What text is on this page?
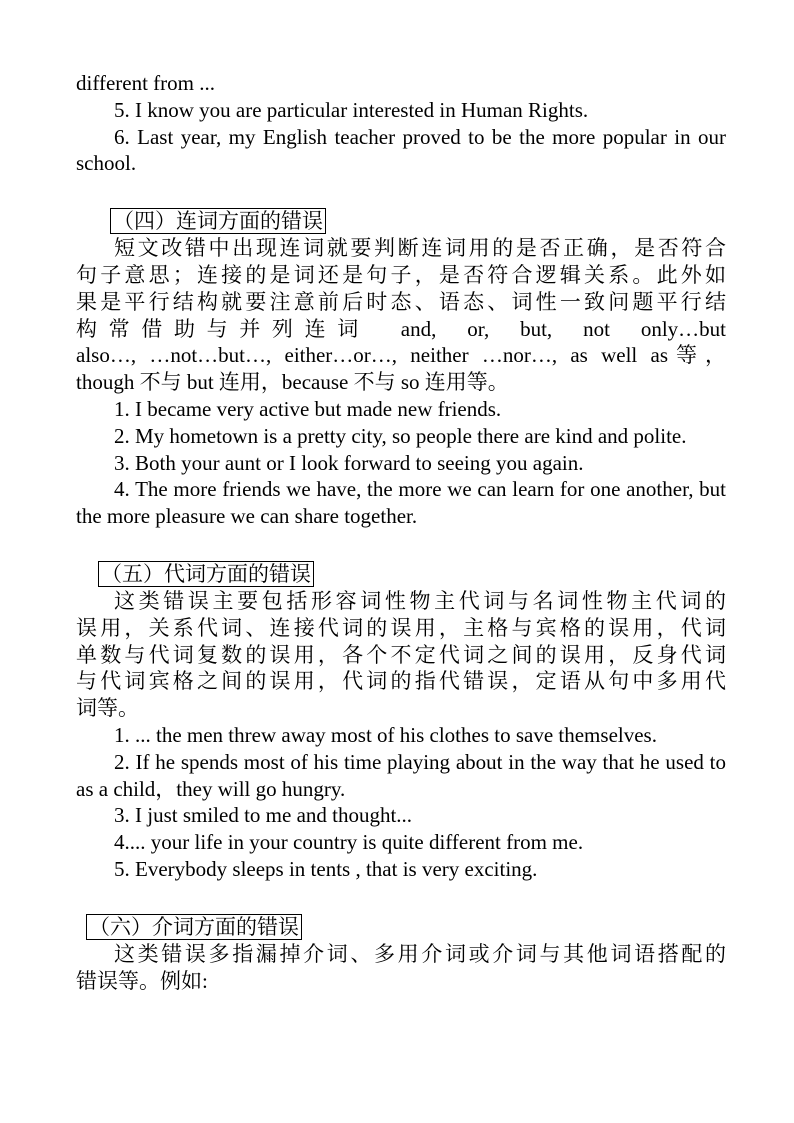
different from ...

5. I know you are particular interested in Human Rights.

6. Last year, my English teacher proved to be the more popular in our school.

（四）连词方面的错误

短文改错中出现连词就要判断连词用的是否正确，是否符合

句子意思；连接的是词还是句子，是否符合逻辑关系。此外如

果是平行结构就要注意前后时态、语态、词性一致问题平行结

构常借助与并列连词 and, or, but, not only…but

also…, …not…but…, either…or…, neither …nor…, as well as等，

though 不与 but 连用，because 不与 so 连用等。

1. I became very active but made new friends.

2. My hometown is a pretty city, so people there are kind and polite.

3. Both your aunt or I look forward to seeing you again.

4. The more friends we have, the more we can learn for one another, but the more pleasure we can share together.

（五）代词方面的错误

这类错误主要包括形容词性物主代词与名词性物主代词的

误用，关系代词、连接代词的误用，主格与宾格的误用，代词

单数与代词复数的误用，各个不定代词之间的误用，反身代词

与代词宾格之间的误用，代词的指代错误，定语从句中多用代

词等。

1. ... the men threw away most of his clothes to save themselves.

2. If he spends most of his time playing about in the way that he used to as a child，they will go hungry.

3. I just smiled to me and thought...

4.... your life in your country is quite different from me.

5. Everybody sleeps in tents , that is very exciting.

（六）介词方面的错误

这类错误多指漏掉介词、多用介词或介词与其他词语搭配的

错误等。例如:
